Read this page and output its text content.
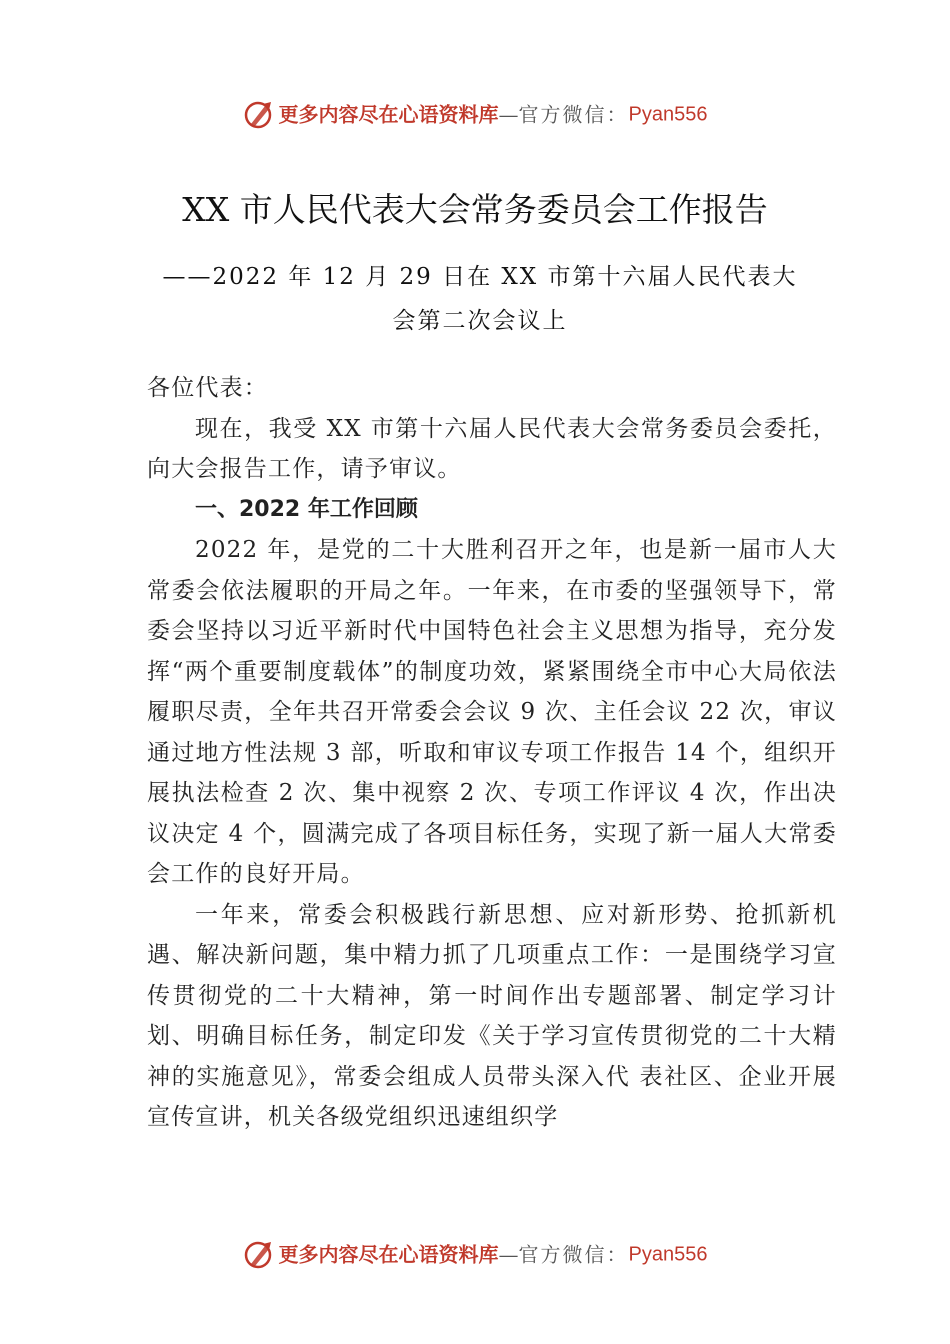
更多内容尽在心语资料库—官方微信：Pyan556
XX 市人民代表大会常务委员会工作报告
——2022 年 12 月 29 日在 XX 市第十六届人民代表大会第二次会议上

各位代表：

现在，我受 XX 市第十六届人民代表大会常务委员会委托，向大会报告工作，请予审议。

一、2022 年工作回顾

2022 年，是党的二十大胜利召开之年，也是新一届市人大常委会依法履职的开局之年。一年来，在市委的坚强领导下，常委会坚持以习近平新时代中国特色社会主义思想为指导，充分发挥“两个重要制度载体”的制度功效，紧紧围绕全市中心大局依法履职尽责，全年共召开常委会会议 9 次、主任会议 22 次，审议通过地方性法规 3 部，听取和审议专项工作报告 14 个，组织开展执法检查 2 次、集中视察 2 次、专项工作评议 4 次，作出决议决定 4 个，圆满完成了各项目标任务，实现了新一届人大常委会工作的良好开局。

一年来，常委会积极践行新思想、应对新形势、抢抓新机遇、解决新问题，集中精力抓了几项重点工作：一是围绕学习宣传贯彻党的二十大精神，第一时间作出专题部署、制定学习计划、明确目标任务，制定印发《关于学习宣传贯彻党的二十大精神的实施意见》，常委会组成人员带头深入代 表社区、企业开展宣传宣讲，机关各级党组织迅速组织学

更多内容尽在心语资料库—官方微信：Pyan556
